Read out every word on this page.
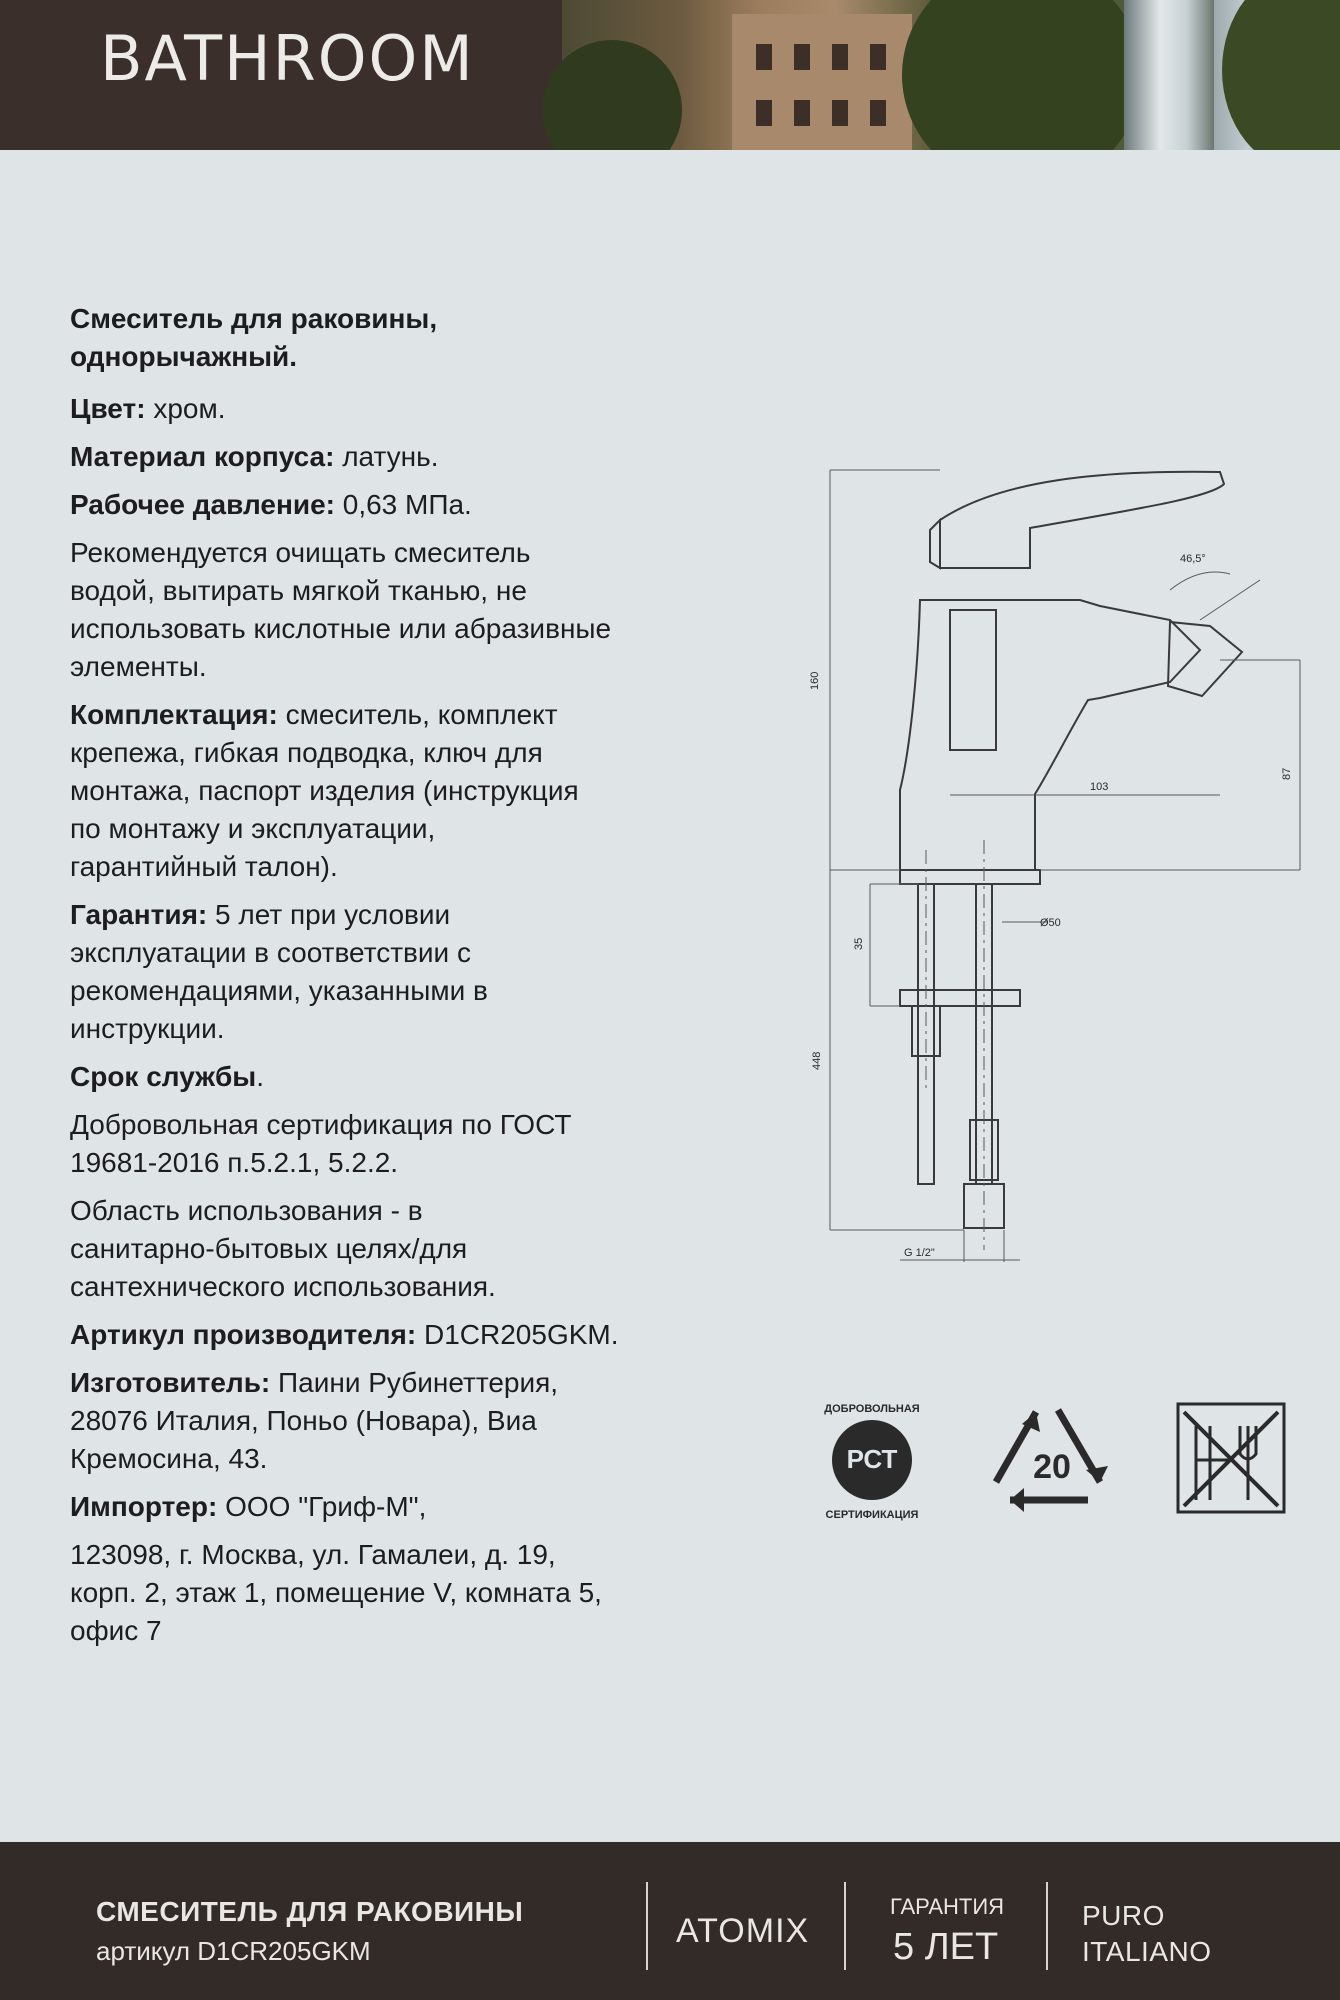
BATHROOM

Смеситель для раковины,
однорычажный.

Цвет: хром.

Материал корпуса: латунь.

Рабочее давление: 0,63 МПа.

Рекомендуется очищать смеситель
водой, вытирать мягкой тканью, не
использовать кислотные или абразивные
элементы.

Комплектация: смеситель, комплект
крепежа, гибкая подводка, ключ для
монтажа, паспорт изделия (инструкция
по монтажу и эксплуатации,
гарантийный талон).

Гарантия: 5 лет при условии
эксплуатации в соответствии с
рекомендациями, указанными в
инструкции.

Срок службы.

Добровольная сертификация по ГОСТ
19681-2016 п.5.2.1, 5.2.2.

Область использования - в
санитарно-бытовых целях/для
сантехнического использования.

Артикул производителя: D1CR205GKM.

Изготовитель: Паини Рубинеттерия,
28076 Италия, Поньо (Новара), Виа
Кремосина, 43.

Импортер: ООО "Гриф-М",

123098, г. Москва, ул. Гамалеи, д. 19,
корп. 2, этаж 1, помещение V, комната 5,
офис 7

160
46,5°
103
87
Ø50
35
448
G 1/2"
РСТ
ДОБРОВОЛЬНАЯ
СЕРТИФИКАЦИЯ
20
СМЕСИТЕЛЬ ДЛЯ РАКОВИНЫ
артикул D1CR205GKM
ATOMIX
ГАРАНТИЯ
5 ЛЕТ
PURO
ITALIANO
